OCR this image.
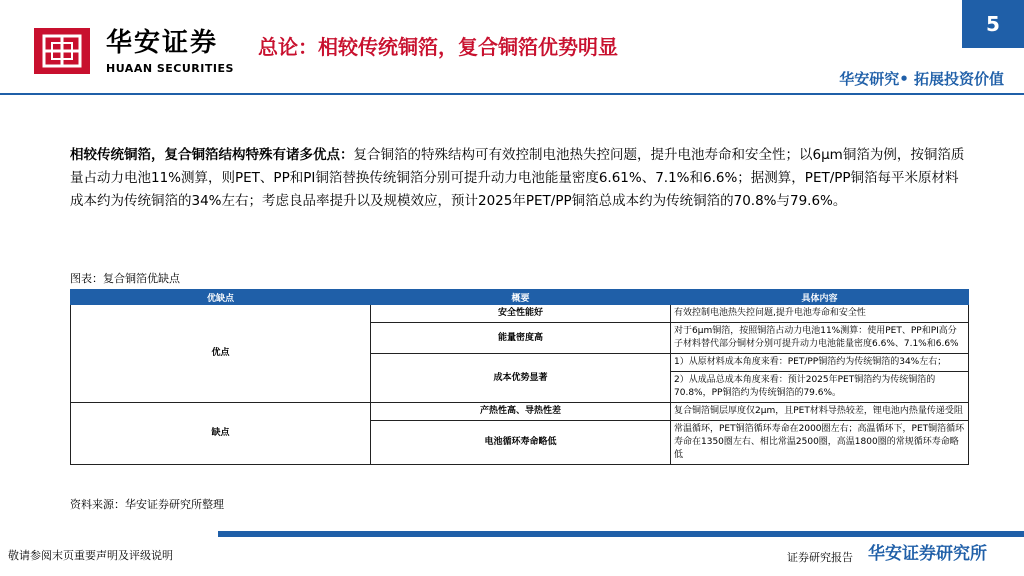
华安证券
HUAAN SECURITIES
总论：相较传统铜箔，复合铜箔优势明显
5
华安研究• 拓展投资价值
相较传统铜箔，复合铜箔结构特殊有诸多优点：复合铜箔的特殊结构可有效控制电池热失控问题，提升电池寿命和安全性；以6μm铜箔为例，按铜箔质量占动力电池11%测算，则PET、PP和PI铜箔替换传统铜箔分别可提升动力电池能量密度6.61%、7.1%和6.6%；据测算，PET/PP铜箔每平米原材料成本约为传统铜箔的34%左右；考虑良品率提升以及规模效应，预计2025年PET/PP铜箔总成本约为传统铜箔的70.8%与79.6%。
图表：复合铜箔优缺点
优缺点	概要	具体内容
优点	安全性能好	有效控制电池热失控问题,提升电池寿命和安全性
	能量密度高	对于6μm铜箔，按照铜箔占动力电池11%测算：使用PET、PP和PI高分子材料替代部分铜材分别可提升动力电池能量密度6.6%、7.1%和6.6%
	成本优势显著	1）从原材料成本角度来看：PET/PP铜箔约为传统铜箔的34%左右；
		2）从成品总成本角度来看：预计2025年PET铜箔约为传统铜箔的70.8%，PP铜箔约为传统铜箔的79.6%。
缺点	产热性高、导热性差	复合铜箔铜层厚度仅2μm，且PET材料导热较差，锂电池内热量传递受阻
	电池循环寿命略低	常温循环，PET铜箔循环寿命在2000圈左右；高温循环下，PET铜箔循环寿命在1350圈左右、相比常温2500圈，高温1800圈的常规循环寿命略低
资料来源：华安证券研究所整理
敬请参阅末页重要声明及评级说明	证券研究报告 华安证券研究所
